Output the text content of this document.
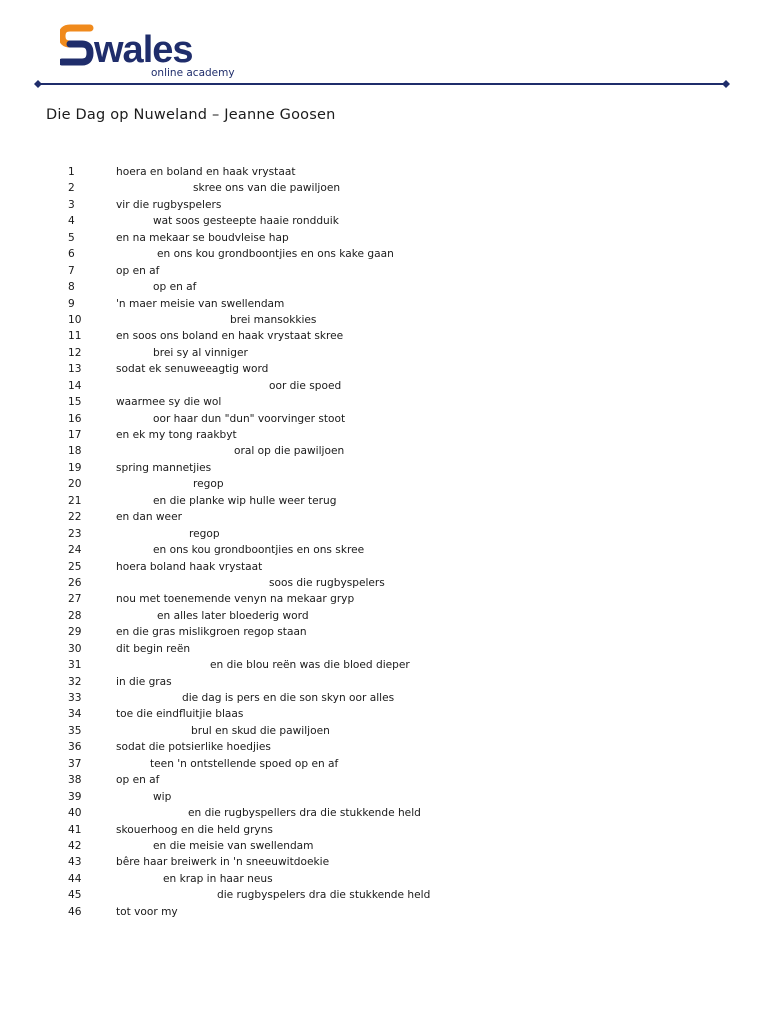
wales
online academy
Die Dag op Nuweland – Jeanne Goosen
1	hoera en boland en haak vrystaat
2	skree ons van die pawiljoen
3	vir die rugbyspelers
4	wat soos gesteepte haaie rondduik
5	en na mekaar se boudvleise hap
6	en ons kou grondboontjies en ons kake gaan
7	op en af
8	op en af
9	'n maer meisie van swellendam
10	brei mansokkies
11	en soos ons boland en haak vrystaat skree
12	brei sy al vinniger
13	sodat ek senuweeagtig word
14	oor die spoed
15	waarmee sy die wol
16	oor haar dun "dun" voorvinger stoot
17	en ek my tong raakbyt
18	oral op die pawiljoen
19	spring mannetjies
20	regop
21	en die planke wip hulle weer terug
22	en dan weer
23	regop
24	en ons kou grondboontjies en ons skree
25	hoera boland haak vrystaat
26	soos die rugbyspelers
27	nou met toenemende venyn na mekaar gryp
28	en alles later bloederig word
29	en die gras mislikgroen regop staan
30	dit begin reën
31	en die blou reën was die bloed dieper
32	in die gras
33	die dag is pers en die son skyn oor alles
34	toe die eindfluitjie blaas
35	brul en skud die pawiljoen
36	sodat die potsierlike hoedjies
37	teen 'n ontstellende spoed op en af
38	op en af
39	wip
40	en die rugbyspellers dra die stukkende held
41	skouerhoog en die held gryns
42	en die meisie van swellendam
43	bêre haar breiwerk in 'n sneeuwitdoekie
44	en krap in haar neus
45	die rugbyspelers dra die stukkende held
46	tot voor my
